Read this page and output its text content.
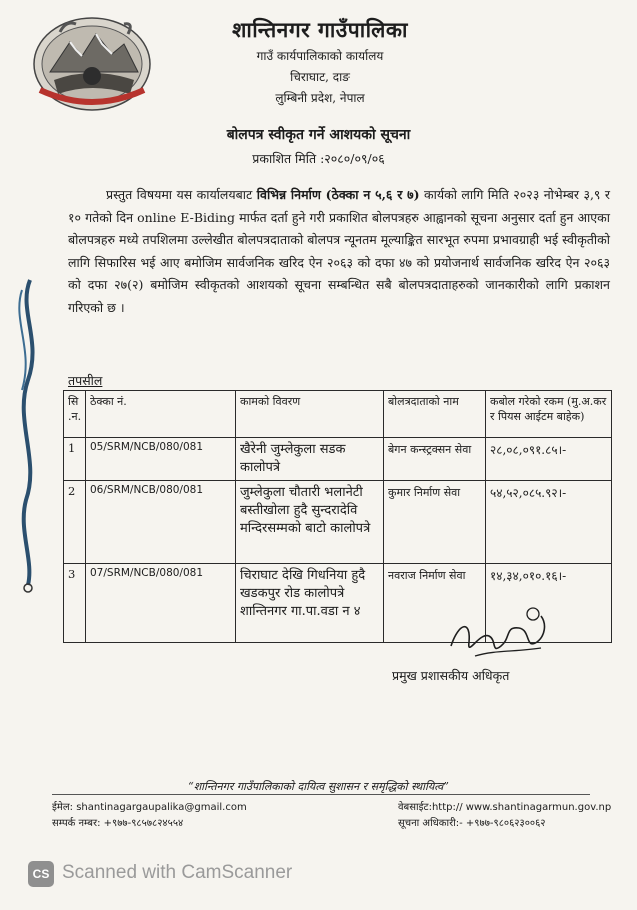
शान्तिनगर गाउँपालिका
गाउँ कार्यपालिकाको कार्यालय
चिराघाट, दाङ
लुम्बिनी प्रदेश, नेपाल
बोलपत्र स्वीकृत गर्ने आशयको सूचना
प्रकाशित मिति :२०८०/०९/०६
प्रस्तुत विषयमा यस कार्यालयबाट विभिन्न निर्माण (ठेक्का न ५,६ र ७) कार्यको लागि मिति २०२३ नोभेम्बर ३,९ र १० गतेको दिन online E-Biding मार्फत दर्ता हुने गरी प्रकाशित बोलपत्रहरु आह्वानको सूचना अनुसार दर्ता हुन आएका बोलपत्रहरु मध्ये तपशिलमा उल्लेखीत बोलपत्रदाताको बोलपत्र न्यूनतम मूल्याङ्कित सारभूत रुपमा प्रभावग्राही भई स्वीकृतीको लागि सिफारिस भई आए बमोजिम सार्वजनिक खरिद ऐन २०६३ को दफा ४७ को प्रयोजनार्थ सार्वजनिक खरिद ऐन २०६३ को दफा २७(२) बमोजिम स्वीकृतको आशयको सूचना सम्बन्धित सबै बोलपत्रदाताहरुको जानकारीको लागि प्रकाशन गरिएको छ ।
तपसील
सि .न.	ठेक्का नं.	कामको विवरण	बोलत्रदाताको नाम	कबोल गरेको रकम (मु.अ.कर र पियस आईटम बाहेक)
1	05/SRM/NCB/080/081	खैरेनी जुम्लेकुला सडक कालोपत्रे	बेगन कन्स्ट्रक्सन सेवा	२८,०८,०९१.८५।-
2	06/SRM/NCB/080/081	जुम्लेकुला चौतारी भलानेटी बस्तीखोला हुदै सुन्दरादेवि मन्दिरसम्मको बाटो कालोपत्रे	कुमार निर्माण सेवा	५४,५२,०८५.९२।-
3	07/SRM/NCB/080/081	चिराघाट देखि गिधनिया हुदै खडकपुर रोड कालोपत्रे शान्तिनगर गा.पा.वडा न ४	नवराज निर्माण सेवा	१४,३४,०१०.१६।-
प्रमुख प्रशासकीय अधिकृत
“शान्तिनगर गाउँपालिकाको दायित्व सुशासन र समृद्धिको स्थायित्व”
ईमेल: shantinagargaupalika@gmail.com
सम्पर्क नम्बर: +९७७-९८५७८२४५५४
वेबसाईट:http:// www.shantinagarmun.gov.np
सूचना अधिकारी:- +९७७-९८०६२३००६२
CS Scanned with CamScanner
